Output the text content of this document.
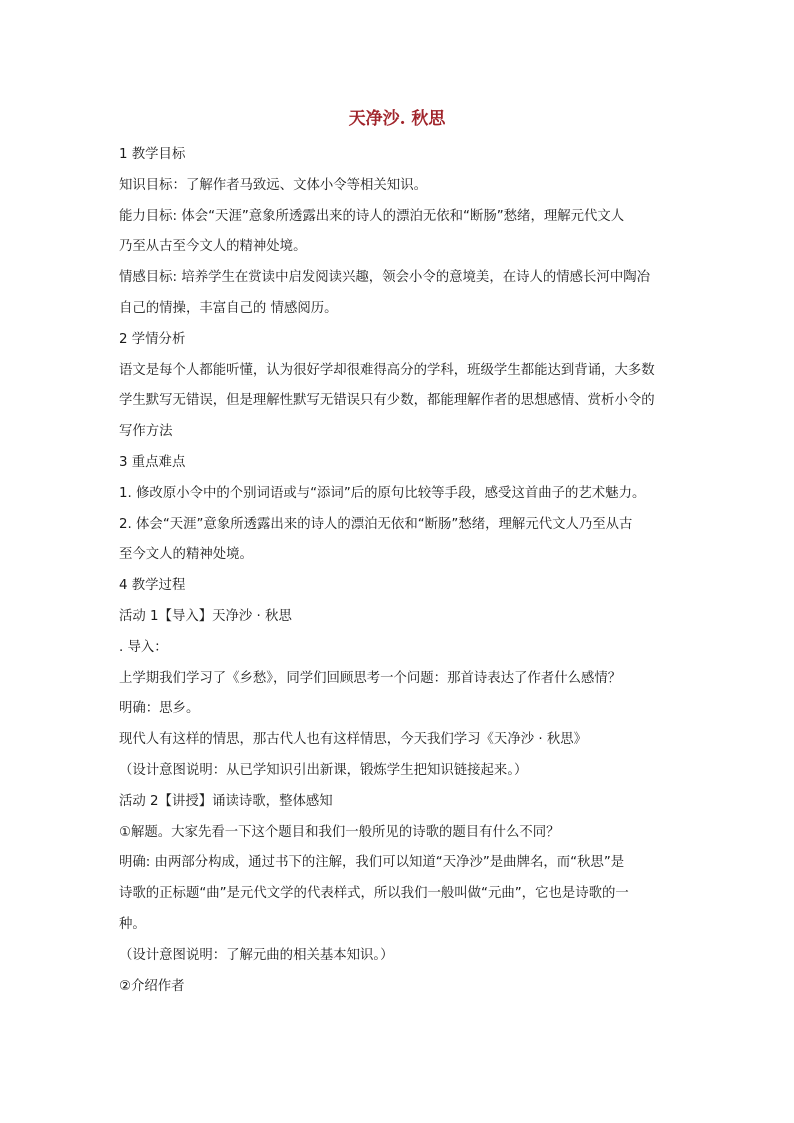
天净沙. 秋思
1 教学目标
知识目标：了解作者马致远、文体小令等相关知识。
能力目标: 体会“天涯”意象所透露出来的诗人的漂泊无依和“断肠”愁绪，理解元代文人
乃至从古至今文人的精神处境。
情感目标: 培养学生在赏读中启发阅读兴趣，领会小令的意境美，在诗人的情感长河中陶冶
自己的情操，丰富自己的 情感阅历。
2 学情分析
语文是每个人都能听懂，认为很好学却很难得高分的学科，班级学生都能达到背诵，大多数
学生默写无错误，但是理解性默写无错误只有少数，都能理解作者的思想感情、赏析小令的
写作方法
3 重点难点
1. 修改原小令中的个别词语或与“添词”后的原句比较等手段，感受这首曲子的艺术魅力。
2. 体会“天涯”意象所透露出来的诗人的漂泊无依和“断肠”愁绪，理解元代文人乃至从古
至今文人的精神处境。
4 教学过程
活动 1【导入】天净沙 · 秋思
. 导入：
上学期我们学习了《乡愁》，同学们回顾思考一个问题：那首诗表达了作者什么感情？
明确：思乡。
现代人有这样的情思，那古代人也有这样情思，今天我们学习《天净沙 · 秋思》
（设计意图说明：从已学知识引出新课，锻炼学生把知识链接起来。）
活动 2【讲授】诵读诗歌，整体感知
①解题。大家先看一下这个题目和我们一般所见的诗歌的题目有什么不同？
明确: 由两部分构成，通过书下的注解，我们可以知道“天净沙”是曲牌名，而“秋思”是
诗歌的正标题“曲”是元代文学的代表样式，所以我们一般叫做“元曲”，它也是诗歌的一
种。
（设计意图说明：了解元曲的相关基本知识。）
②介绍作者
